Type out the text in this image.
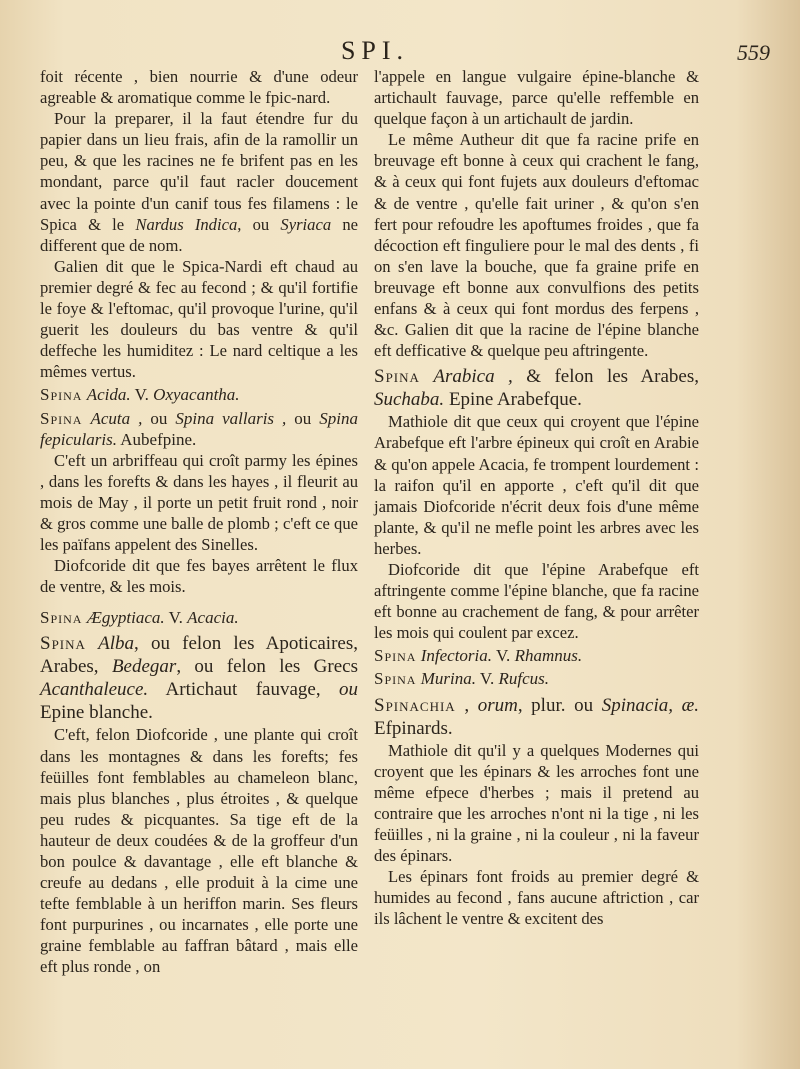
SPI.	559

foit récente , bien nourrie & d'une odeur agreable & aromatique comme le fpic-nard.

Pour la preparer, il la faut étendre fur du papier dans un lieu frais, afin de la ramollir un peu, & que les racines ne fe brifent pas en les mondant, parce qu'il faut racler doucement avec la pointe d'un canif tous fes filamens : le Spica & le Nardus Indica, ou Syriaca ne different que de nom.

Galien dit que le Spica-Nardi eft chaud au premier degré & fec au fecond ; & qu'il fortifie le foye & l'eftomac, qu'il provoque l'urine, qu'il guerit les douleurs du bas ventre & qu'il deffeche les humiditez : Le nard celtique a les mêmes vertus.

Spina Acida. V. Oxyacantha.

Spina Acuta , ou Spina vallaris , ou Spina fepicularis. Aubefpine.

C'eft un arbriffeau qui croît parmy les épines , dans les forefts & dans les hayes , il fleurit au mois de May , il porte un petit fruit rond , noir & gros comme une balle de plomb ; c'eft ce que les païfans appelent des Sinelles.

Diofcoride dit que fes bayes arrêtent le flux de ventre, & les mois.

Spina Ægyptiaca. V. Acacia.

Spina Alba, ou felon les Apoticaires, Arabes, Bedegar, ou felon les Grecs Acanthaleuce. Artichaut fauvage, ou Epine blanche.

C'eft, felon Diofcoride , une plante qui croît dans les montagnes & dans les forefts; fes feüilles font femblables au chameleon blanc, mais plus blanches , plus étroites , & quelque peu rudes & picquantes. Sa tige eft de la hauteur de deux coudées & de la groffeur d'un bon poulce & davantage , elle eft blanche & creufe au dedans , elle produit à la cime une tefte femblable à un heriffon marin. Ses fleurs font purpurines , ou incarnates , elle porte une graine femblable au faffran bâtard , mais elle eft plus ronde , on

l'appele en langue vulgaire épine-blanche & artichault fauvage, parce qu'elle reffemble en quelque façon à un artichault de jardin.

Le même Autheur dit que fa racine prife en breuvage eft bonne à ceux qui crachent le fang, & à ceux qui font fujets aux douleurs d'eftomac & de ventre , qu'elle fait uriner , & qu'on s'en fert pour refoudre les apoftumes froides , que fa décoction eft finguliere pour le mal des dents , fi on s'en lave la bouche, que fa graine prife en breuvage eft bonne aux convulfions des petits enfans & à ceux qui font mordus des ferpens , &c. Galien dit que la racine de l'épine blanche eft defficative & quelque peu aftringente.

Spina Arabica , & felon les Arabes, Suchaba. Epine Arabefque.

Mathiole dit que ceux qui croyent que l'épine Arabefque eft l'arbre épineux qui croît en Arabie & qu'on appele Acacia, fe trompent lourdement : la raifon qu'il en apporte , c'eft qu'il dit que jamais Diofcoride n'écrit deux fois d'une même plante, & qu'il ne mefle point les arbres avec les herbes.

Diofcoride dit que l'épine Arabefque eft aftringente comme l'épine blanche, que fa racine eft bonne au crachement de fang, & pour arrêter les mois qui coulent par excez.

Spina Infectoria. V. Rhamnus.

Spina Murina. V. Rufcus.

Spinachia , orum, plur. ou Spinacia, æ. Efpinards.

Mathiole dit qu'il y a quelques Modernes qui croyent que les épinars & les arroches font une même efpece d'herbes ; mais il pretend au contraire que les arroches n'ont ni la tige , ni les feüilles , ni la graine , ni la couleur , ni la faveur des épinars.

Les épinars font froids au premier degré & humides au fecond , fans aucune aftriction , car ils lâchent le ventre & excitent des
